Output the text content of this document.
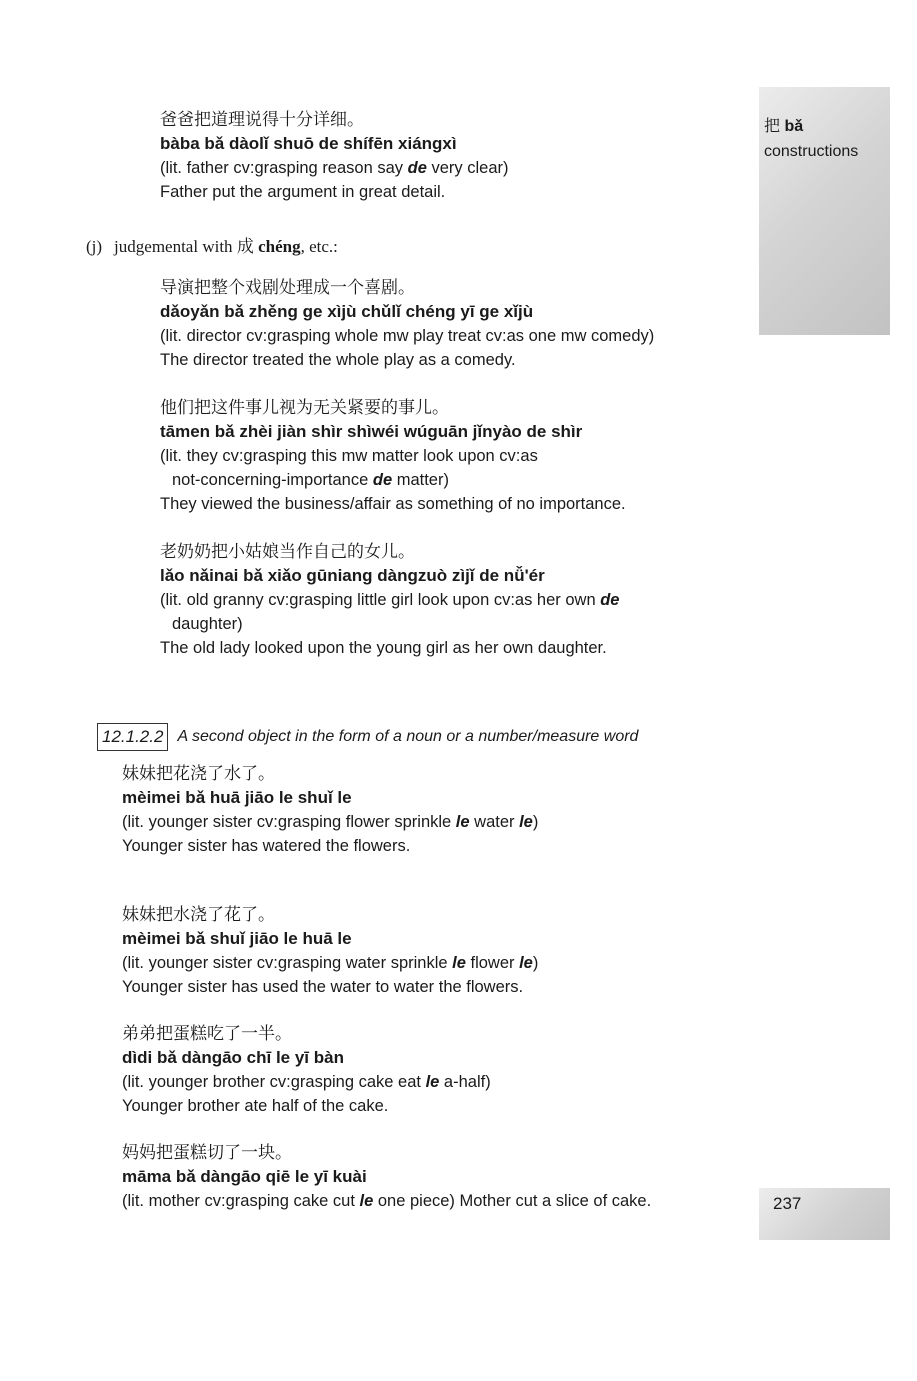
把 bǎ
constructions
237
爸爸把道理说得十分详细。
bàba bǎ dàolǐ shuō de shífēn xiángxì
(lit. father cv:grasping reason say de very clear)
Father put the argument in great detail.
(j) judgemental with 成 chéng, etc.:
导演把整个戏剧处理成一个喜剧。
dǎoyǎn bǎ zhěng ge xìjù chǔlǐ chéng yī ge xǐjù
(lit. director cv:grasping whole mw play treat cv:as one mw comedy)
The director treated the whole play as a comedy.
他们把这件事儿视为无关紧要的事儿。
tāmen bǎ zhèi jiàn shìr shìwéi wúguān jǐnyào de shìr
(lit. they cv:grasping this mw matter look upon cv:as
not-concerning-importance de matter)
They viewed the business/affair as something of no importance.
老奶奶把小姑娘当作自己的女儿。
lǎo nǎinai bǎ xiǎo gūniang dàngzuò zìjǐ de nǚ'ér
(lit. old granny cv:grasping little girl look upon cv:as her own de
daughter)
The old lady looked upon the young girl as her own daughter.
12.1.2.2 A second object in the form of a noun or a number/measure word
妹妹把花浇了水了。
mèimei bǎ huā jiāo le shuǐ le
(lit. younger sister cv:grasping flower sprinkle le water le)
Younger sister has watered the flowers.
妹妹把水浇了花了。
mèimei bǎ shuǐ jiāo le huā le
(lit. younger sister cv:grasping water sprinkle le flower le)
Younger sister has used the water to water the flowers.
弟弟把蛋糕吃了一半。
dìdi bǎ dàngāo chī le yī bàn
(lit. younger brother cv:grasping cake eat le a-half)
Younger brother ate half of the cake.
妈妈把蛋糕切了一块。
māma bǎ dàngāo qiē le yī kuài
(lit. mother cv:grasping cake cut le one piece) Mother cut a slice of cake.
